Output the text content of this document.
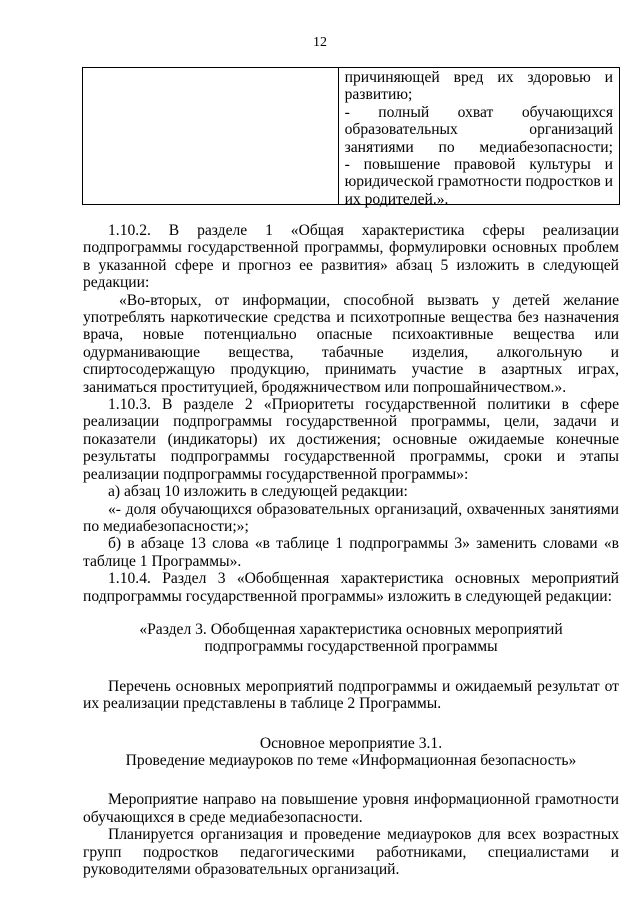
12

причиняющей вред их здоровью и
развитию;
- полный охват обучающихся
образовательных организаций
занятиями по медиабезопасности;
- повышение правовой культуры и
юридической грамотности подростков и
их родителей.».

1.10.2. В разделе 1 «Общая характеристика сферы реализации подпрограммы государственной программы, формулировки основных проблем в указанной сфере и прогноз ее развития» абзац 5 изложить в следующей редакции:

«Во-вторых, от информации, способной вызвать у детей желание употреблять наркотические средства и психотропные вещества без назначения врача, новые потенциально опасные психоактивные вещества или одурманивающие вещества, табачные изделия, алкогольную и спиртосодержащую продукцию, принимать участие в азартных играх, заниматься проституцией, бродяжничеством или попрошайничеством.».

1.10.3. В разделе 2 «Приоритеты государственной политики в сфере реализации подпрограммы государственной программы, цели, задачи и показатели (индикаторы) их достижения; основные ожидаемые конечные результаты подпрограммы государственной программы, сроки и этапы реализации подпрограммы государственной программы»:

а) абзац 10 изложить в следующей редакции:

«- доля обучающихся образовательных организаций, охваченных занятиями по медиабезопасности;»;

б) в абзаце 13 слова «в таблице 1 подпрограммы 3» заменить словами «в таблице 1 Программы».

1.10.4. Раздел 3 «Обобщенная характеристика основных мероприятий подпрограммы государственной программы» изложить в следующей редакции:

«Раздел 3. Обобщенная характеристика основных мероприятий

подпрограммы государственной программы

Перечень основных мероприятий подпрограммы и ожидаемый результат от их реализации представлены в таблице 2 Программы.

Основное мероприятие 3.1.

Проведение медиауроков по теме «Информационная безопасность»

Мероприятие направо на повышение уровня информационной грамотности обучающихся в среде медиабезопасности.

Планируется организация и проведение медиауроков для всех возрастных групп подростков педагогическими работниками, специалистами и руководителями образовательных организаций.
